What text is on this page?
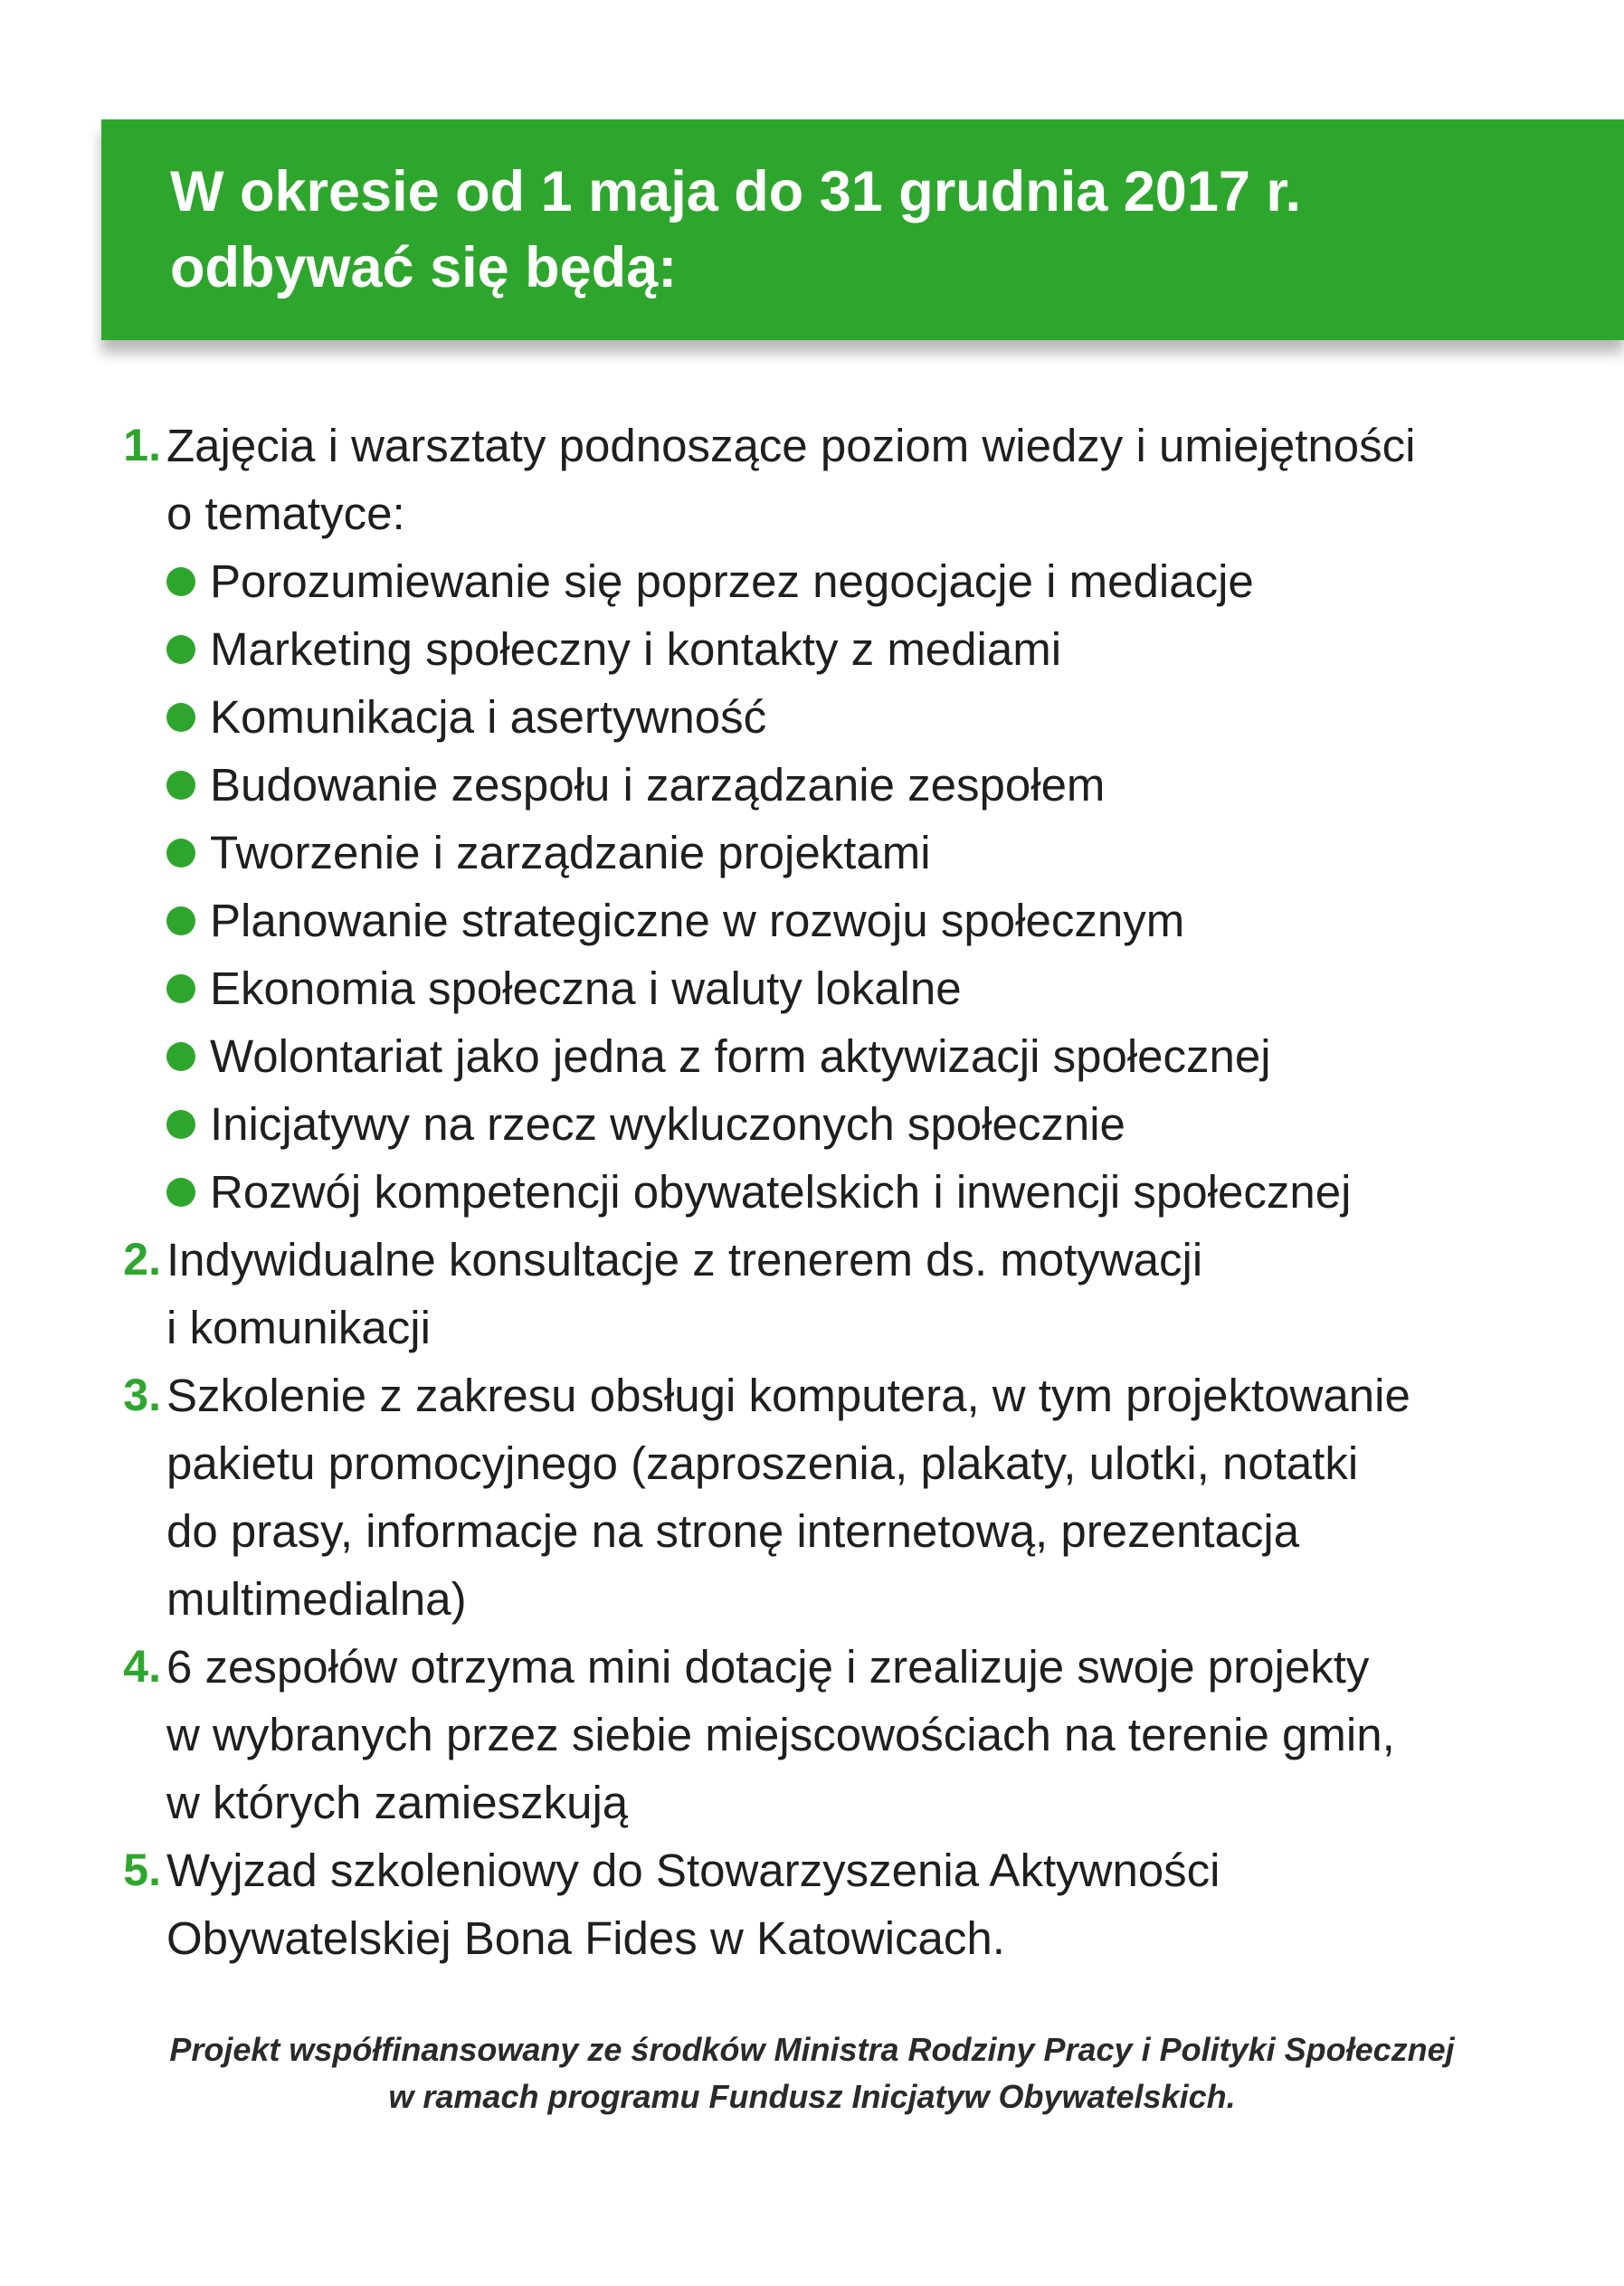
W okresie od 1 maja do 31 grudnia 2017 r.
odbywać się będą:
1. Zajęcia i warsztaty podnoszące poziom wiedzy i umiejętności
o tematyce:
Porozumiewanie się poprzez negocjacje i mediacje
Marketing społeczny i kontakty z mediami
Komunikacja i asertywność
Budowanie zespołu i zarządzanie zespołem
Tworzenie i zarządzanie projektami
Planowanie strategiczne w rozwoju społecznym
Ekonomia społeczna i waluty lokalne
Wolontariat jako jedna z form aktywizacji społecznej
Inicjatywy na rzecz wykluczonych społecznie
Rozwój kompetencji obywatelskich i inwencji społecznej
2. Indywidualne konsultacje z trenerem ds. motywacji
i komunikacji
3. Szkolenie z zakresu obsługi komputera, w tym projektowanie
pakietu promocyjnego (zaproszenia, plakaty, ulotki, notatki
do prasy, informacje na stronę internetową, prezentacja
multimedialna)
4. 6 zespołów otrzyma mini dotację i zrealizuje swoje projekty
w wybranych przez siebie miejscowościach na terenie gmin,
w których zamieszkują
5. Wyjzad szkoleniowy do Stowarzyszenia Aktywności
Obywatelskiej Bona Fides w Katowicach.
Projekt współfinansowany ze środków Ministra Rodziny Pracy i Polityki Społecznej
w ramach programu Fundusz Inicjatyw Obywatelskich.
